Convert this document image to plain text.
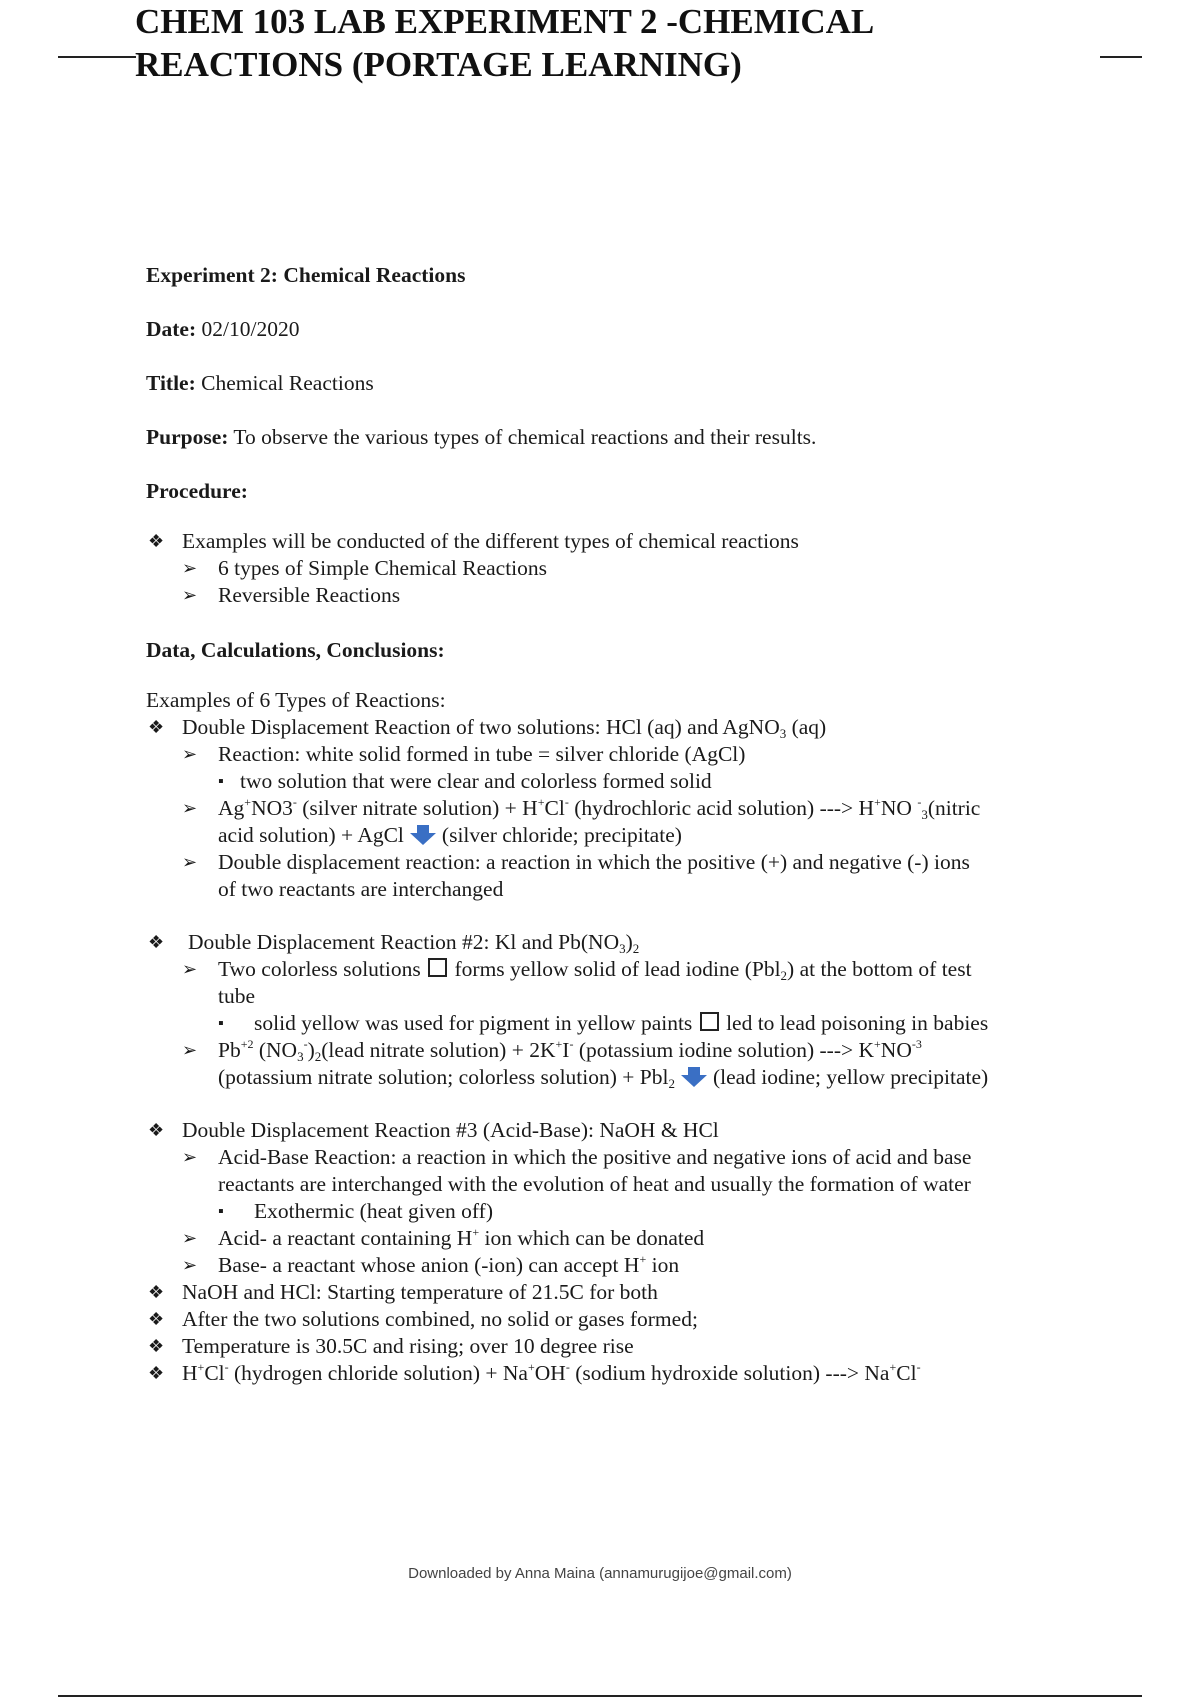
CHEM 103 LAB EXPERIMENT 2 -CHEMICAL
REACTIONS (PORTAGE LEARNING)

Experiment 2: Chemical Reactions

Date: 02/10/2020

Title: Chemical Reactions

Purpose: To observe the various types of chemical reactions and their results.

Procedure:

❖ Examples will be conducted of the different types of chemical reactions
➢ 6 types of Simple Chemical Reactions
➢ Reversible Reactions

Data, Calculations, Conclusions:

Examples of 6 Types of Reactions:
❖ Double Displacement Reaction of two solutions: HCl (aq) and AgNO$_3$ (aq)
➢ Reaction: white solid formed in tube = silver chloride (AgCl)
▪ two solution that were clear and colorless formed solid
➢ Ag+NO3- (silver nitrate solution) + H+Cl- (hydrochloric acid solution) ---> H+NO -$_3$(nitric
acid solution) + AgCl (silver chloride; precipitate)
➢ Double displacement reaction: a reaction in which the positive (+) and negative (-) ions
of two reactants are interchanged
❖ Double Displacement Reaction #2: Kl and $Pb(NO_3)_2$
➢ Two colorless solutions forms yellow solid of lead iodine (Pbl$_2$) at the bottom of test
tube
▪ solid yellow was used for pigment in yellow paints led to lead poisoning in babies
➢ $Pb^{+2}$ $(NO_3^-)_2(lead$ nitrate solution) + 2K+I- (potassium iodine solution) ---> $K^+NO^{-3}$
(potassium nitrate solution; colorless solution) + Pbl$_2$ (lead iodine; yellow precipitate)
❖ Double Displacement Reaction #3 (Acid-Base): NaOH & HCl
➢ Acid-Base Reaction: a reaction in which the positive and negative ions of acid and base
reactants are interchanged with the evolution of heat and usually the formation of water
▪ Exothermic (heat given off)
➢ Acid- a reactant containing H+ ion which can be donated
➢ Base- a reactant whose anion (-ion) can accept H+ ion
❖ NaOH and HCl: Starting temperature of 21.5C for both
❖ After the two solutions combined, no solid or gases formed;
❖ Temperature is 30.5C and rising; over 10 degree rise
❖ H+Cl- (hydrogen chloride solution) + Na+OH- (sodium hydroxide solution) ---> Na+Cl-
Downloaded by Anna Maina (annamurugijoe@gmail.com)
